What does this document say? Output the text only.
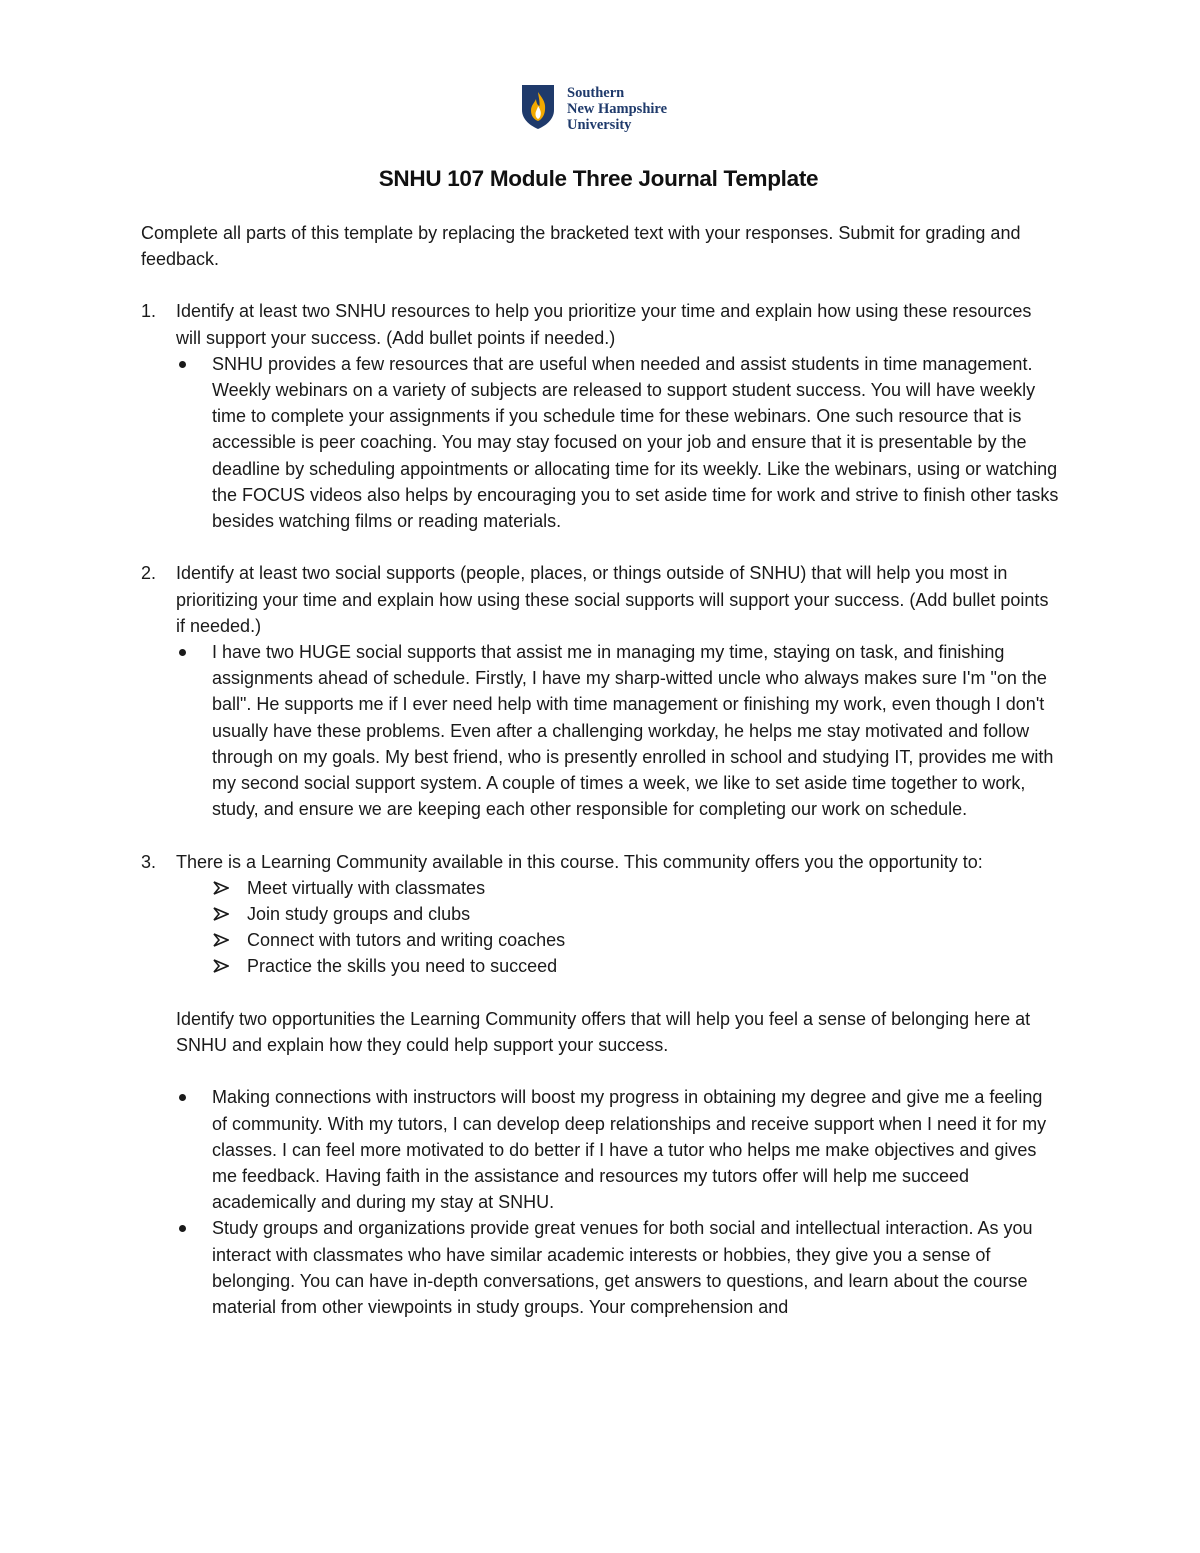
Southern
New Hampshire
University
SNHU 107 Module Three Journal Template

Complete all parts of this template by replacing the bracketed text with your responses. Submit for grading and feedback.

1. Identify at least two SNHU resources to help you prioritize your time and explain how using these resources will support your success. (Add bullet points if needed.)

SNHU provides a few resources that are useful when needed and assist students in time management. Weekly webinars on a variety of subjects are released to support student success. You will have weekly time to complete your assignments if you schedule time for these webinars. One such resource that is accessible is peer coaching. You may stay focused on your job and ensure that it is presentable by the deadline by scheduling appointments or allocating time for its weekly. Like the webinars, using or watching the FOCUS videos also helps by encouraging you to set aside time for work and strive to finish other tasks besides watching films or reading materials.
2. Identify at least two social supports (people, places, or things outside of SNHU) that will help you most in prioritizing your time and explain how using these social supports will support your success. (Add bullet points if needed.)

I have two HUGE social supports that assist me in managing my time, staying on task, and finishing assignments ahead of schedule. Firstly, I have my sharp-witted uncle who always makes sure I'm "on the ball". He supports me if I ever need help with time management or finishing my work, even though I don't usually have these problems. Even after a challenging workday, he helps me stay motivated and follow through on my goals. My best friend, who is presently enrolled in school and studying IT, provides me with my second social support system. A couple of times a week, we like to set aside time together to work, study, and ensure we are keeping each other responsible for completing our work on schedule.
3. There is a Learning Community available in this course. This community offers you the opportunity to:

Meet virtually with classmates
Join study groups and clubs
Connect with tutors and writing coaches
Practice the skills you need to succeed

Identify two opportunities the Learning Community offers that will help you feel a sense of belonging here at SNHU and explain how they could help support your success.

Making connections with instructors will boost my progress in obtaining my degree and give me a feeling of community. With my tutors, I can develop deep relationships and receive support when I need it for my classes. I can feel more motivated to do better if I have a tutor who helps me make objectives and gives me feedback. Having faith in the assistance and resources my tutors offer will help me succeed academically and during my stay at SNHU.
Study groups and organizations provide great venues for both social and intellectual interaction. As you interact with classmates who have similar academic interests or hobbies, they give you a sense of belonging. You can have in-depth conversations, get answers to questions, and learn about the course material from other viewpoints in study groups. Your comprehension and
